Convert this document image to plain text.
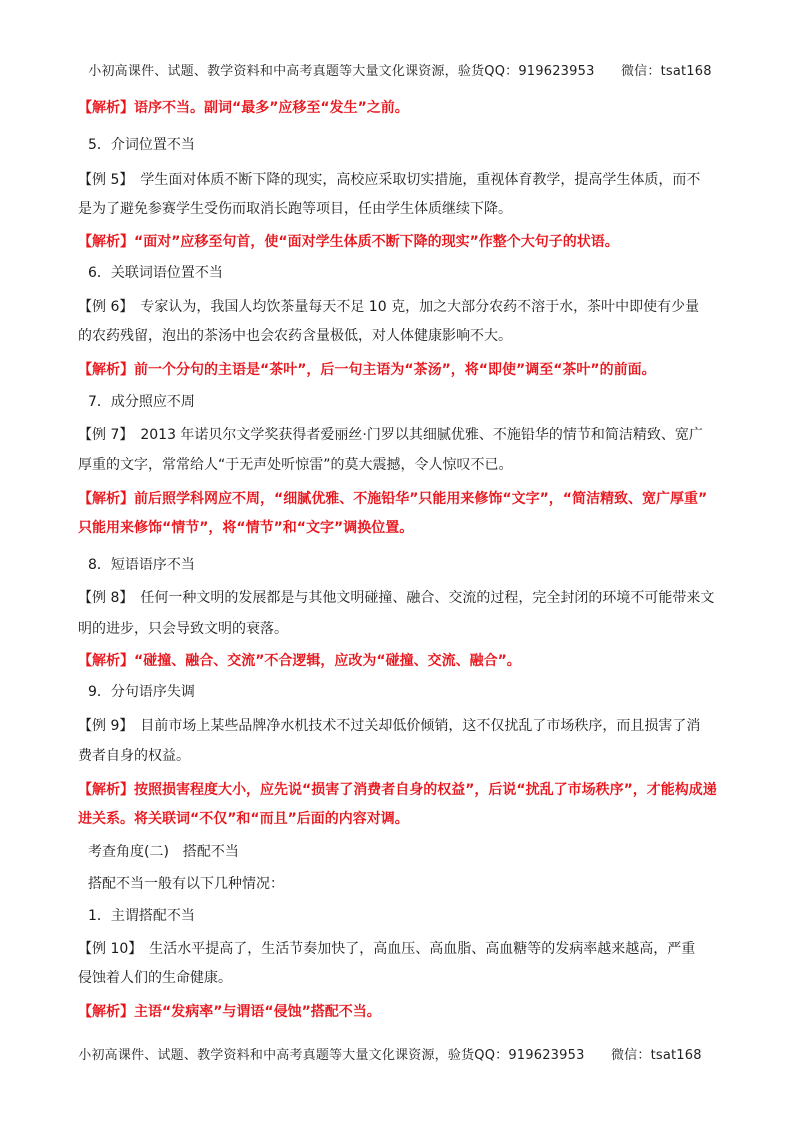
小初高课件、试题、教学资料和中高考真题等大量文化课资源，验货QQ：919623953　　微信：tsat168
【解析】语序不当。副词“最多”应移至“发生”之前。
5．介词位置不当
【例 5】　学生面对体质不断下降的现实，高校应采取切实措施，重视体育教学，提高学生体质，而不
是为了避免参赛学生受伤而取消长跑等项目，任由学生体质继续下降。
【解析】“面对”应移至句首，使“面对学生体质不断下降的现实”作整个大句子的状语。
6．关联词语位置不当
【例 6】　专家认为，我国人均饮茶量每天不足 10 克，加之大部分农药不溶于水，茶叶中即使有少量
的农药残留，泡出的茶汤中也会农药含量极低，对人体健康影响不大。
【解析】前一个分句的主语是“茶叶”，后一句主语为“茶汤”，将“即使”调至“茶叶”的前面。
7．成分照应不周
【例 7】　2013 年诺贝尔文学奖获得者爱丽丝·门罗以其细腻优雅、不施铅华的情节和简洁精致、宽广
厚重的文字，常常给人“于无声处听惊雷”的莫大震撼，令人惊叹不已。
【解析】前后照学科网应不周，“细腻优雅、不施铅华”只能用来修饰“文字”，“简洁精致、宽广厚重”
只能用来修饰“情节”，将“情节”和“文字”调换位置。
8．短语语序不当
【例 8】　任何一种文明的发展都是与其他文明碰撞、融合、交流的过程，完全封闭的环境不可能带来文
明的进步，只会导致文明的衰落。
【解析】“碰撞、融合、交流”不合逻辑，应改为“碰撞、交流、融合”。
9．分句语序失调
【例 9】　目前市场上某些品牌净水机技术不过关却低价倾销，这不仅扰乱了市场秩序，而且损害了消
费者自身的权益。
【解析】按照损害程度大小，应先说“损害了消费者自身的权益”，后说“扰乱了市场秩序”，才能构成递
进关系。将关联词“不仅”和“而且”后面的内容对调。
考查角度(二)　搭配不当
搭配不当一般有以下几种情况：
1．主谓搭配不当
【例 10】　生活水平提高了，生活节奏加快了，高血压、高血脂、高血糖等的发病率越来越高，严重
侵蚀着人们的生命健康。
【解析】主语“发病率”与谓语“侵蚀”搭配不当。
小初高课件、试题、教学资料和中高考真题等大量文化课资源，验货QQ：919623953　　微信：tsat168
